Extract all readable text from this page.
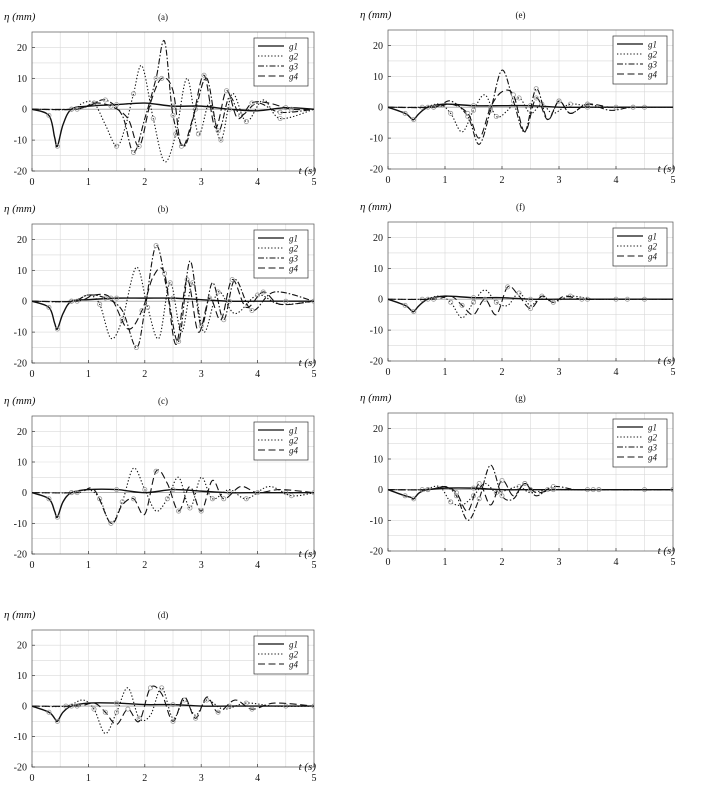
20
10
0
-10
-20
0	1	2	3	4	5
η (mm)
t (s)
(a)
g1
g2
g3
g4
20
10
0
-10
-20
0	1	2	3	4	5
η (mm)
t (s)
(b)
g1
g2
g3
g4
20
10
0
-10
-20
0	1	2	3	4	5
η (mm)
t (s)
(c)
g1
g2
g4
20
10
0
-10
-20
0	1	2	3	4	5
η (mm)
t (s)
(d)
g1
g2
g4
20
10
0
-10
-20
0	1	2	3	4	5
η (mm)
t (s)
(e)
g1
g2
g3
g4
20
10
0
-10
-20
0	1	2	3	4	5
η (mm)
t (s)
(f)
g1
g2
g4
20
10
0
-10
-20
0	1	2	3	4	5
η (mm)
t (s)
(g)
g1
g2
g3
g4
